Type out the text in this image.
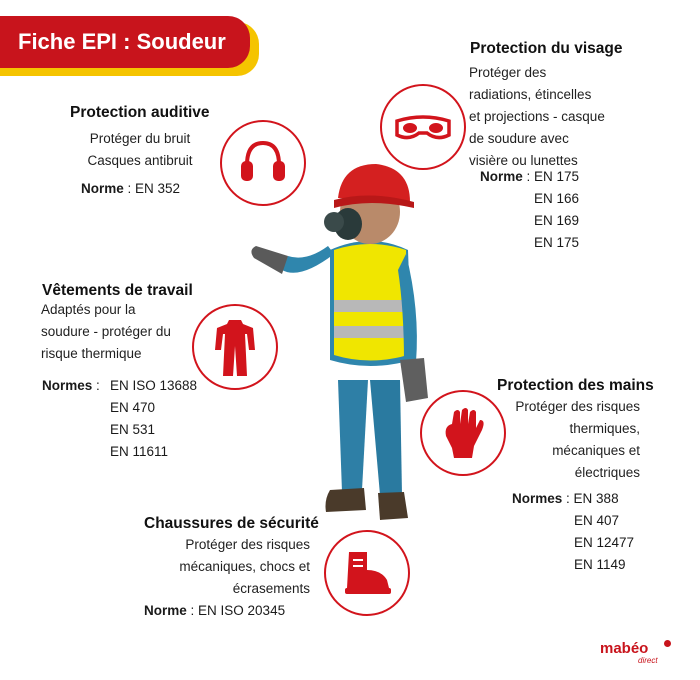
Fiche EPI : Soudeur
Protection auditive
Protéger du bruit
Casques antibruit
Norme : EN 352
Protection du visage
Protéger des
radiations, étincelles
et projections - casque
de soudure avec
visière ou lunettes
Norme : EN 175
EN 166
EN 169
EN 175
Vêtements de travail
Adaptés pour la
soudure - protéger du
risque thermique
Normes : EN ISO 13688
EN 470
EN 531
EN 11611
Protection des mains
Protéger des risques
thermiques,
mécaniques et
électriques
Normes : EN 388
EN 407
EN 12477
EN 1149
Chaussures de sécurité
Protéger des risques
mécaniques, chocs et
écrasements
Norme : EN ISO 20345
mabéo
direct
